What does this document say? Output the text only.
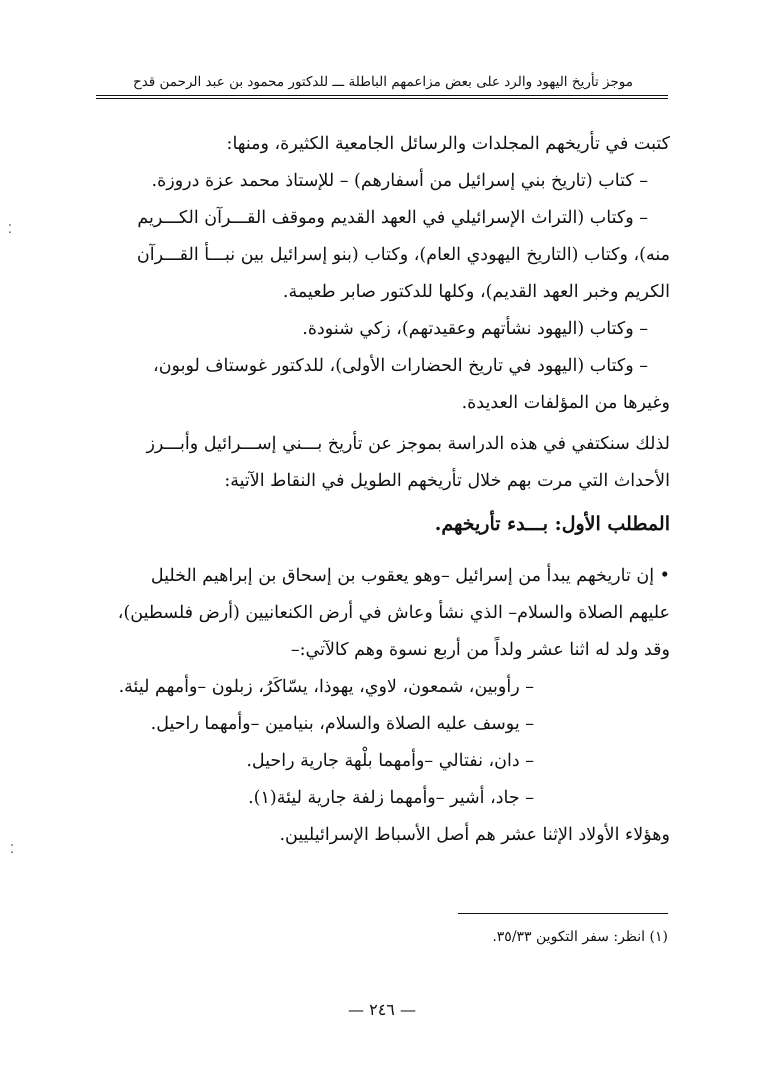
موجز تأريخ اليهود والرد على بعض مزاعمهم الباطلة ـــ للدكتور محمود بن عبد الرحمن قدح
كتبت في تأريخهم المجلدات والرسائل الجامعية الكثيرة، ومنها:
– كتاب (تاريخ بني إسرائيل من أسفارهم) – للإستاذ محمد عزة دروزة.
– وكتاب (التراث الإسرائيلي في العهد القديم وموقف القـــرآن الكـــريم
منه)، وكتاب (التاريخ اليهودي العام)، وكتاب (بنو إسرائيل بين نبـــأ القـــرآن
الكريم وخبر العهد القديم)، وكلها للدكتور صابر طعيمة.
– وكتاب (اليهود نشأتهم وعقيدتهم)، زكي شنودة.
– وكتاب (اليهود في تاريخ الحضارات الأولى)، للدكتور غوستاف لوبون،
وغيرها من المؤلفات العديدة.
لذلك سنكتفي في هذه الدراسة بموجز عن تأريخ بـــني إســـرائيل وأبـــرز
الأحداث التي مرت بهم خلال تأريخهم الطويل في النقاط الآتية:
المطلب الأول: بـــدء تأريخهم.
• إن تاريخهم يبدأ من إسرائيل –وهو يعقوب بن إسحاق بن إبراهيم الخليل
عليهم الصلاة والسلام– الذي نشأ وعاش في أرض الكنعانيين (أرض فلسطين)،
وقد ولد له اثنا عشر ولداً من أربع نسوة وهم كالآتي:–
– رأوبين، شمعون، لاوي، يهوذا، يسّاكَرُ، زبلون –وأمهم ليئة.
– يوسف عليه الصلاة والسلام، بنيامين –وأمهما راحيل.
– دان، نفتالي –وأمهما بلْهة جارية راحيل.
– جاد، أشير –وأمهما زلفة جارية ليئة(١).
وهؤلاء الأولاد الإثنا عشر هم أصل الأسباط الإسرائيليين.
(١) انظر: سفر التكوين ٣٥/٣٣.
— ٢٤٦ —
⁚
⁚
